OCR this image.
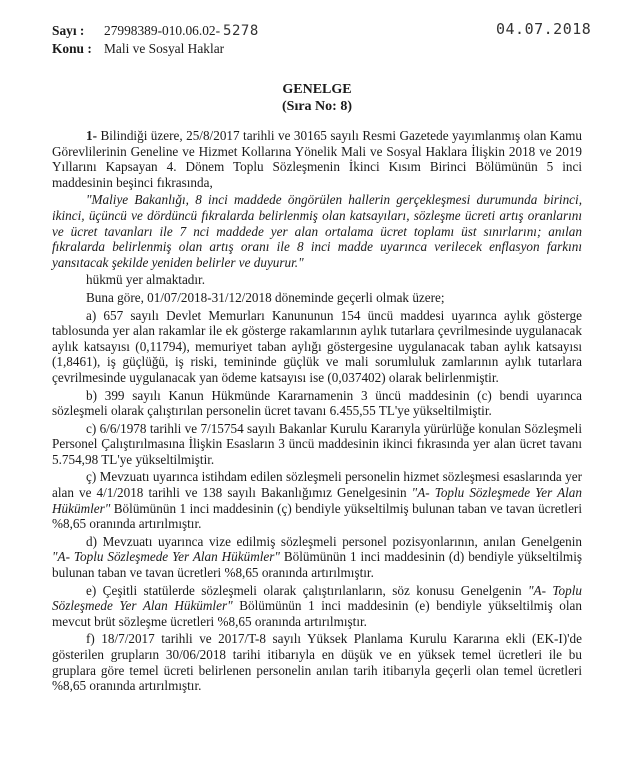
Sayı : 27998389-010.06.02- 5278
Konu : Mali ve Sosyal Haklar
04.07.2018
GENELGE
(Sıra No: 8)

1- Bilindiği üzere, 25/8/2017 tarihli ve 30165 sayılı Resmi Gazetede yayımlanmış olan Kamu Görevlilerinin Geneline ve Hizmet Kollarına Yönelik Mali ve Sosyal Haklara İlişkin 2018 ve 2019 Yıllarını Kapsayan 4. Dönem Toplu Sözleşmenin İkinci Kısım Birinci Bölümünün 5 inci maddesinin beşinci fıkrasında,

"Maliye Bakanlığı, 8 inci maddede öngörülen hallerin gerçekleşmesi durumunda birinci, ikinci, üçüncü ve dördüncü fıkralarda belirlenmiş olan katsayıları, sözleşme ücreti artış oranlarını ve ücret tavanları ile 7 nci maddede yer alan ortalama ücret toplamı üst sınırlarını; anılan fıkralarda belirlenmiş olan artış oranı ile 8 inci madde uyarınca verilecek enflasyon farkını yansıtacak şekilde yeniden belirler ve duyurur."

hükmü yer almaktadır.

Buna göre, 01/07/2018-31/12/2018 döneminde geçerli olmak üzere;

a) 657 sayılı Devlet Memurları Kanununun 154 üncü maddesi uyarınca aylık gösterge tablosunda yer alan rakamlar ile ek gösterge rakamlarının aylık tutarlara çevrilmesinde uygulanacak aylık katsayısı (0,11794), memuriyet taban aylığı göstergesine uygulanacak taban aylık katsayısı (1,8461), iş güçlüğü, iş riski, temininde güçlük ve mali sorumluluk zamlarının aylık tutarlara çevrilmesinde uygulanacak yan ödeme katsayısı ise (0,037402) olarak belirlenmiştir.

b) 399 sayılı Kanun Hükmünde Kararnamenin 3 üncü maddesinin (c) bendi uyarınca sözleşmeli olarak çalıştırılan personelin ücret tavanı 6.455,55 TL'ye yükseltilmiştir.

c) 6/6/1978 tarihli ve 7/15754 sayılı Bakanlar Kurulu Kararıyla yürürlüğe konulan Sözleşmeli Personel Çalıştırılmasına İlişkin Esasların 3 üncü maddesinin ikinci fıkrasında yer alan ücret tavanı 5.754,98 TL'ye yükseltilmiştir.

ç) Mevzuatı uyarınca istihdam edilen sözleşmeli personelin hizmet sözleşmesi esaslarında yer alan ve 4/1/2018 tarihli ve 138 sayılı Bakanlığımız Genelgesinin "A- Toplu Sözleşmede Yer Alan Hükümler" Bölümünün 1 inci maddesinin (ç) bendiyle yükseltilmiş bulunan taban ve tavan ücretleri %8,65 oranında artırılmıştır.

d) Mevzuatı uyarınca vize edilmiş sözleşmeli personel pozisyonlarının, anılan Genelgenin "A- Toplu Sözleşmede Yer Alan Hükümler" Bölümünün 1 inci maddesinin (d) bendiyle yükseltilmiş bulunan taban ve tavan ücretleri %8,65 oranında artırılmıştır.

e) Çeşitli statülerde sözleşmeli olarak çalıştırılanların, söz konusu Genelgenin "A- Toplu Sözleşmede Yer Alan Hükümler" Bölümünün 1 inci maddesinin (e) bendiyle yükseltilmiş olan mevcut brüt sözleşme ücretleri %8,65 oranında artırılmıştır.

f) 18/7/2017 tarihli ve 2017/T-8 sayılı Yüksek Planlama Kurulu Kararına ekli (EK-I)'de gösterilen grupların 30/06/2018 tarihi itibarıyla en düşük ve en yüksek temel ücretleri ile bu gruplara göre temel ücreti belirlenen personelin anılan tarih itibarıyla geçerli olan temel ücretleri %8,65 oranında artırılmıştır.
